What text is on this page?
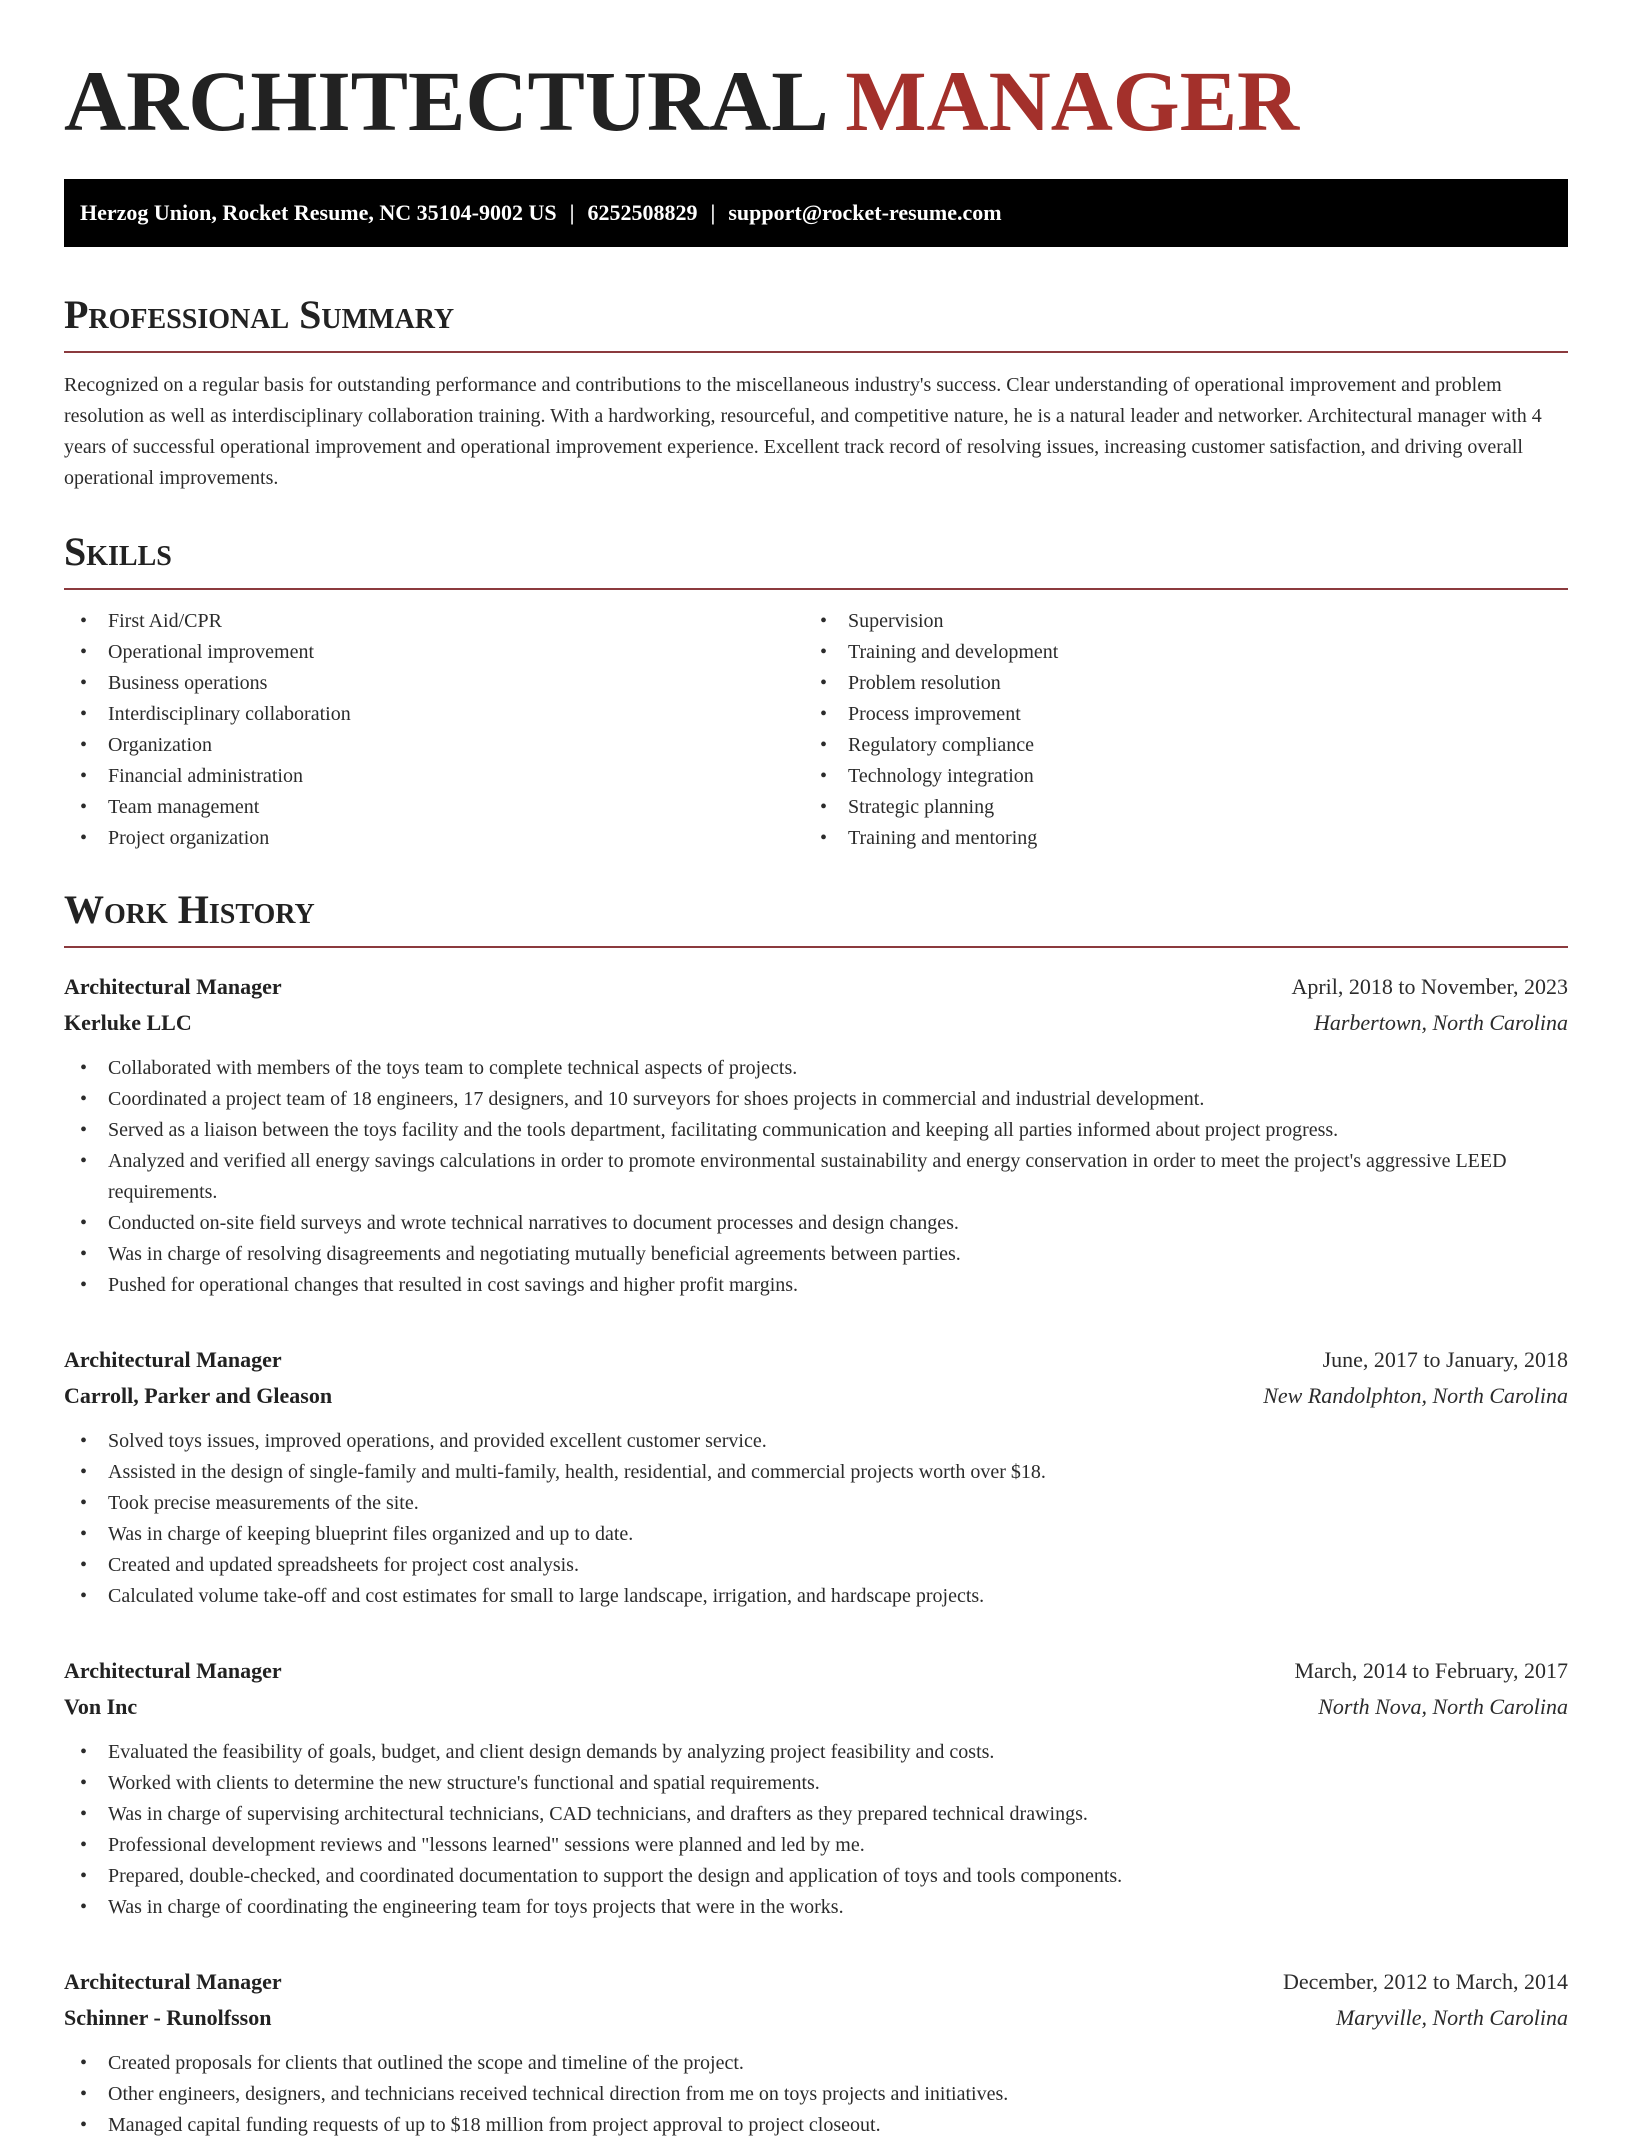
ARCHITECTURAL MANAGER
Herzog Union, Rocket Resume, NC 35104-9002 US | 6252508829 | support@rocket-resume.com
Professional Summary

Recognized on a regular basis for outstanding performance and contributions to the miscellaneous industry's success. Clear understanding of operational improvement and problem resolution as well as interdisciplinary collaboration training. With a hardworking, resourceful, and competitive nature, he is a natural leader and networker. Architectural manager with 4 years of successful operational improvement and operational improvement experience. Excellent track record of resolving issues, increasing customer satisfaction, and driving overall operational improvements.

Skills
• First Aid/CPR
• Operational improvement
• Business operations
• Interdisciplinary collaboration
• Organization
• Financial administration
• Team management
• Project organization
• Supervision
• Training and development
• Problem resolution
• Process improvement
• Regulatory compliance
• Technology integration
• Strategic planning
• Training and mentoring
Work History
Architectural Manager	April, 2018 to November, 2023
Kerluke LLC	Harbertown, North Carolina
• Collaborated with members of the toys team to complete technical aspects of projects.
• Coordinated a project team of 18 engineers, 17 designers, and 10 surveyors for shoes projects in commercial and industrial development.
• Served as a liaison between the toys facility and the tools department, facilitating communication and keeping all parties informed about project progress.
• Analyzed and verified all energy savings calculations in order to promote environmental sustainability and energy conservation in order to meet the project's aggressive LEED requirements.
• Conducted on-site field surveys and wrote technical narratives to document processes and design changes.
• Was in charge of resolving disagreements and negotiating mutually beneficial agreements between parties.
• Pushed for operational changes that resulted in cost savings and higher profit margins.
Architectural Manager	June, 2017 to January, 2018
Carroll, Parker and Gleason	New Randolphton, North Carolina
• Solved toys issues, improved operations, and provided excellent customer service.
• Assisted in the design of single-family and multi-family, health, residential, and commercial projects worth over $18.
• Took precise measurements of the site.
• Was in charge of keeping blueprint files organized and up to date.
• Created and updated spreadsheets for project cost analysis.
• Calculated volume take-off and cost estimates for small to large landscape, irrigation, and hardscape projects.
Architectural Manager	March, 2014 to February, 2017
Von Inc	North Nova, North Carolina
• Evaluated the feasibility of goals, budget, and client design demands by analyzing project feasibility and costs.
• Worked with clients to determine the new structure's functional and spatial requirements.
• Was in charge of supervising architectural technicians, CAD technicians, and drafters as they prepared technical drawings.
• Professional development reviews and "lessons learned" sessions were planned and led by me.
• Prepared, double-checked, and coordinated documentation to support the design and application of toys and tools components.
• Was in charge of coordinating the engineering team for toys projects that were in the works.
Architectural Manager	December, 2012 to March, 2014
Schinner - Runolfsson	Maryville, North Carolina
• Created proposals for clients that outlined the scope and timeline of the project.
• Other engineers, designers, and technicians received technical direction from me on toys projects and initiatives.
• Managed capital funding requests of up to $18 million from project approval to project closeout.
